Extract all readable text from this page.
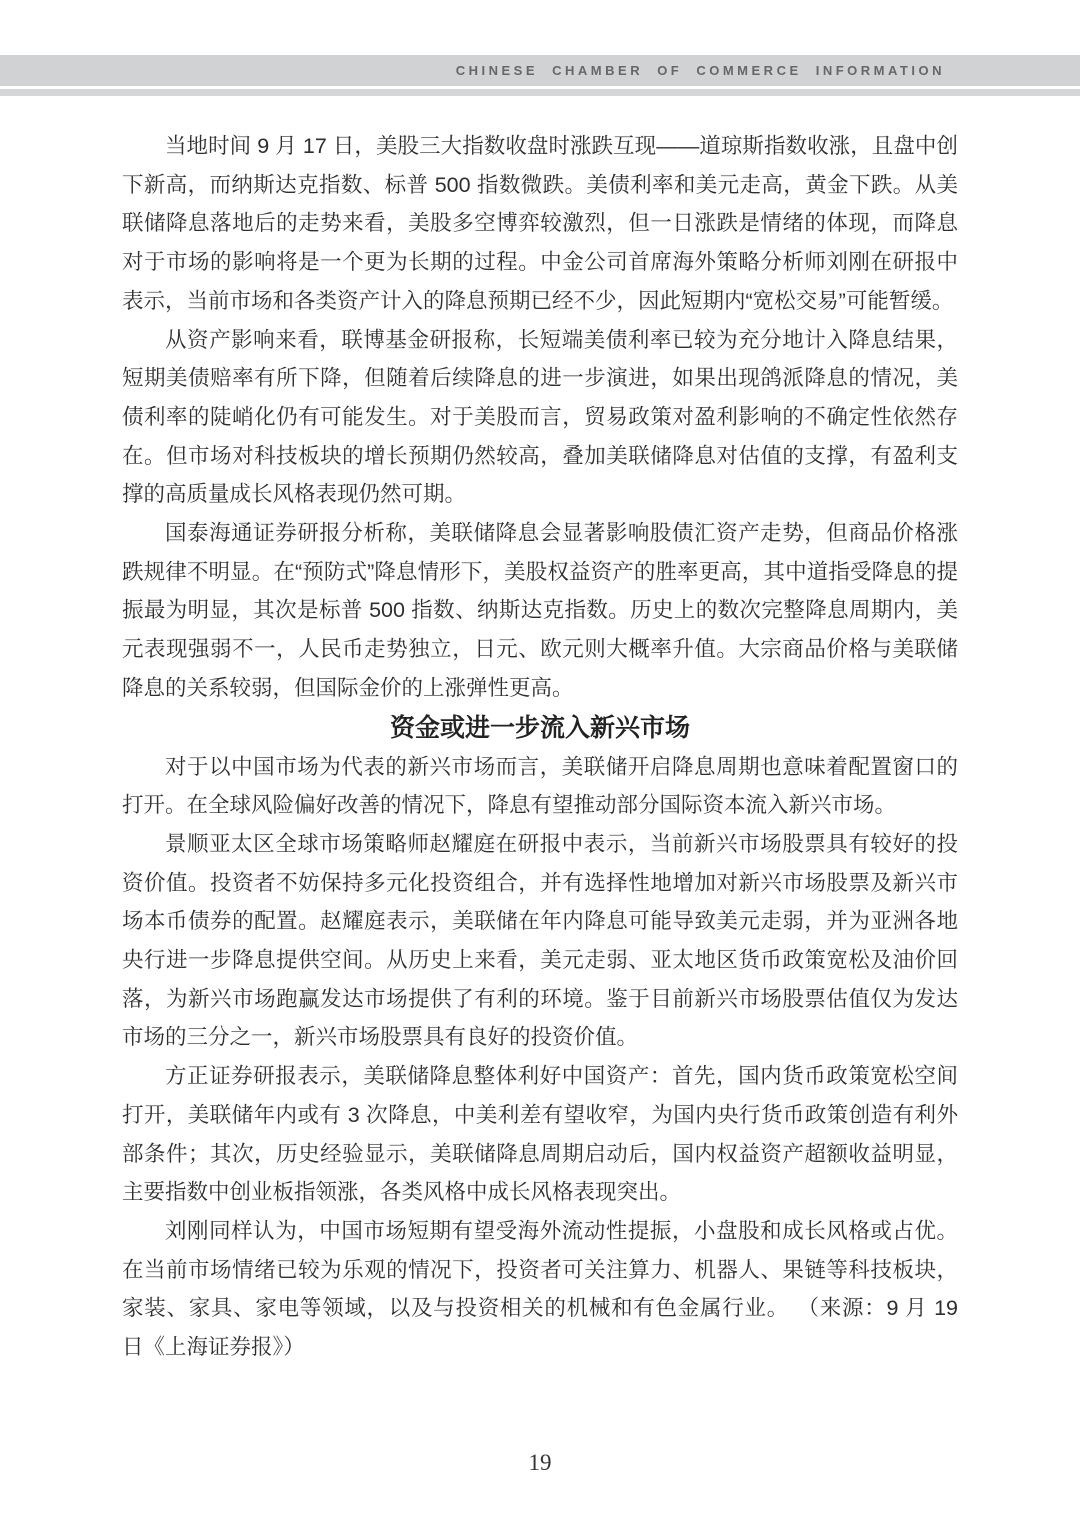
CHINESE CHAMBER OF COMMERCE INFORMATION

当地时间 9 月 17 日，美股三大指数收盘时涨跌互现——道琼斯指数收涨，且盘中创下新高，而纳斯达克指数、标普 500 指数微跌。美债利率和美元走高，黄金下跌。从美联储降息落地后的走势来看，美股多空博弈较激烈，但一日涨跌是情绪的体现，而降息对于市场的影响将是一个更为长期的过程。中金公司首席海外策略分析师刘刚在研报中表示，当前市场和各类资产计入的降息预期已经不少，因此短期内“宽松交易”可能暂缓。

从资产影响来看，联博基金研报称，长短端美债利率已较为充分地计入降息结果，短期美债赔率有所下降，但随着后续降息的进一步演进，如果出现鸽派降息的情况，美债利率的陡峭化仍有可能发生。对于美股而言，贸易政策对盈利影响的不确定性依然存在。但市场对科技板块的增长预期仍然较高，叠加美联储降息对估值的支撑，有盈利支撑的高质量成长风格表现仍然可期。

国泰海通证券研报分析称，美联储降息会显著影响股债汇资产走势，但商品价格涨跌规律不明显。在“预防式”降息情形下，美股权益资产的胜率更高，其中道指受降息的提振最为明显，其次是标普 500 指数、纳斯达克指数。历史上的数次完整降息周期内，美元表现强弱不一，人民币走势独立，日元、欧元则大概率升值。大宗商品价格与美联储降息的关系较弱，但国际金价的上涨弹性更高。

资金或进一步流入新兴市场

对于以中国市场为代表的新兴市场而言，美联储开启降息周期也意味着配置窗口的打开。在全球风险偏好改善的情况下，降息有望推动部分国际资本流入新兴市场。

景顺亚太区全球市场策略师赵耀庭在研报中表示，当前新兴市场股票具有较好的投资价值。投资者不妨保持多元化投资组合，并有选择性地增加对新兴市场股票及新兴市场本币债券的配置。赵耀庭表示，美联储在年内降息可能导致美元走弱，并为亚洲各地央行进一步降息提供空间。从历史上来看，美元走弱、亚太地区货币政策宽松及油价回落，为新兴市场跑赢发达市场提供了有利的环境。鉴于目前新兴市场股票估值仅为发达市场的三分之一，新兴市场股票具有良好的投资价值。

方正证券研报表示，美联储降息整体利好中国资产：首先，国内货币政策宽松空间打开，美联储年内或有 3 次降息，中美利差有望收窄，为国内央行货币政策创造有利外部条件；其次，历史经验显示，美联储降息周期启动后，国内权益资产超额收益明显，主要指数中创业板指领涨，各类风格中成长风格表现突出。

刘刚同样认为，中国市场短期有望受海外流动性提振，小盘股和成长风格或占优。在当前市场情绪已较为乐观的情况下，投资者可关注算力、机器人、果链等科技板块，家装、家具、家电等领域，以及与投资相关的机械和有色金属行业。 （来源：9 月 19 日《上海证券报》）

19
